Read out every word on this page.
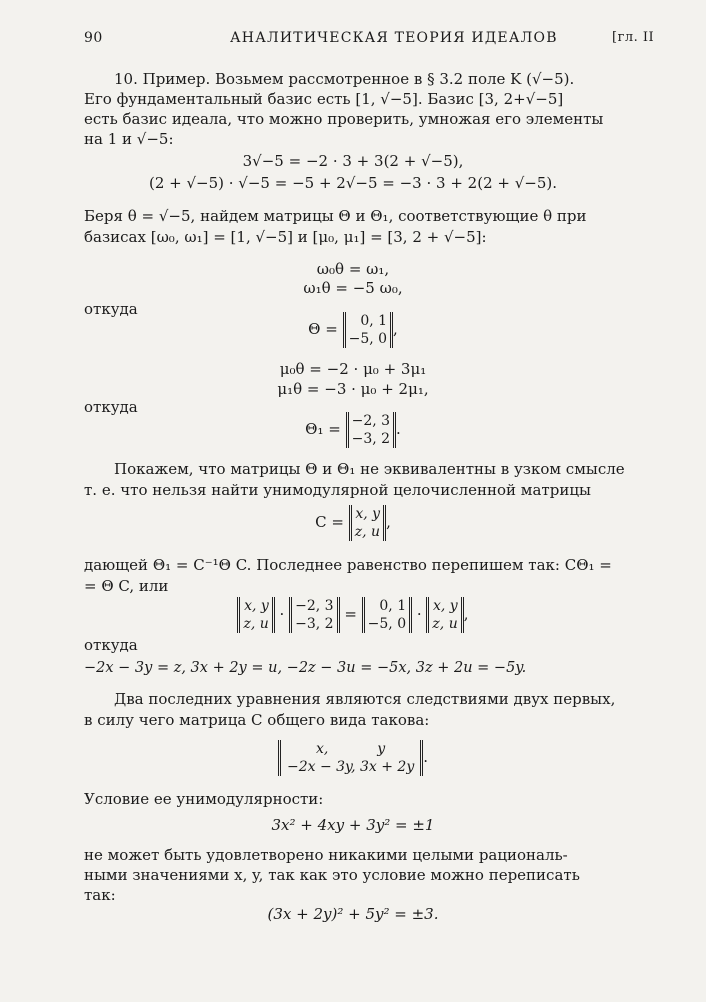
90	АНАЛИТИЧЕСКАЯ ТЕОРИЯ ИДЕАЛОВ	[гл. II
10. Пример. Возьмем рассмотренное в § 3.2 поле K (√−5).
Его фундаментальный базис есть [1, √−5]. Базис [3, 2+√−5]
есть базис идеала, что можно проверить, умножая его элементы
на 1 и √−5:
3√−5 = −2 · 3 + 3(2 + √−5),
(2 + √−5) · √−5 = −5 + 2√−5 = −3 · 3 + 2(2 + √−5).
Беря θ = √−5, найдем матрицы Θ и Θ₁, соответствующие θ при
базисах [ω₀, ω₁] = [1, √−5] и [μ₀, μ₁] = [3, 2 + √−5]:
ω₀θ = ω₁,
ω₁θ = −5 ω₀,
откуда
Θ =	0, 1
−5, 0
,
μ₀θ = −2 · μ₀ + 3μ₁
μ₁θ = −3 · μ₀ + 2μ₁,
откуда
Θ₁ = −2, 3
−3, 2
.
Покажем, что матрицы Θ и Θ₁ не эквивалентны в узком смысле
т. е. что нельзя найти унимодулярной целочисленной матрицы
C = x, y
z, u
,
дающей Θ₁ = C⁻¹Θ C. Последнее равенство перепишем так: CΘ₁ =
= Θ C, или
x, y
z, u
· −2, 3
−3, 2
=	0, 1
−5, 0
· x, y
z, u
,
откуда
−2x − 3y = z, 3x + 2y = u, −2z − 3u = −5x, 3z + 2u = −5y.
Два последних уравнения являются следствиями двух первых,
в силу чего матрица C общего вида такова:
x,           y
−2x − 3y, 3x + 2y
.
Условие ее унимодулярности:
3x² + 4xy + 3y² = ±1
не может быть удовлетворено никакими целыми рациональ-
ными значениями x, y, так как это условие можно переписать
так:
(3x + 2y)² + 5y² = ±3.
